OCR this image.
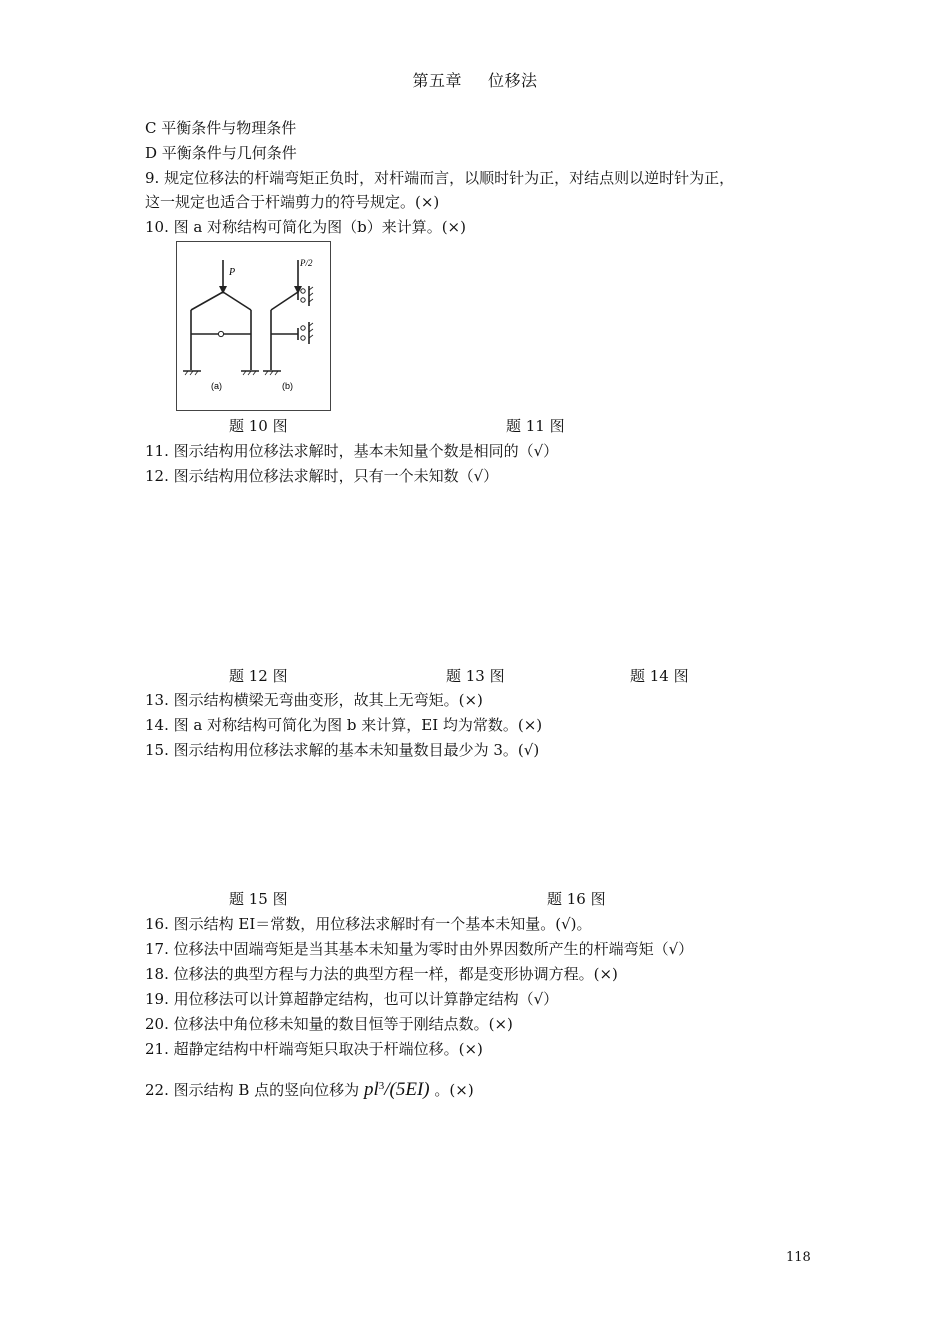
第五章 位移法
C 平衡条件与物理条件
D 平衡条件与几何条件
9. 规定位移法的杆端弯矩正负时，对杆端而言，以顺时针为正，对结点则以逆时针为正，
这一规定也适合于杆端剪力的符号规定。(×)
10. 图 a 对称结构可简化为图（b）来计算。(×)
P
P/2
(a)	(b)
题 10 图	题 11 图
11. 图示结构用位移法求解时，基本未知量个数是相同的（√）
12. 图示结构用位移法求解时，只有一个未知数（√）
题 12 图	题 13 图	题 14 图
13. 图示结构横梁无弯曲变形，故其上无弯矩。(×)
14. 图 a 对称结构可简化为图 b 来计算，EI 均为常数。(×)
15. 图示结构用位移法求解的基本未知量数目最少为 3。(√)
题 15 图	题 16 图
16. 图示结构 EI＝常数，用位移法求解时有一个基本未知量。(√)。
17. 位移法中固端弯矩是当其基本未知量为零时由外界因数所产生的杆端弯矩（√）
18. 位移法的典型方程与力法的典型方程一样，都是变形协调方程。(×)
19. 用位移法可以计算超静定结构，也可以计算静定结构（√）
20. 位移法中角位移未知量的数目恒等于刚结点数。(×)
21. 超静定结构中杆端弯矩只取决于杆端位移。(×)
22. 图示结构 B 点的竖向位移为 $pl^3/(5EI)$ 。(×)
118
